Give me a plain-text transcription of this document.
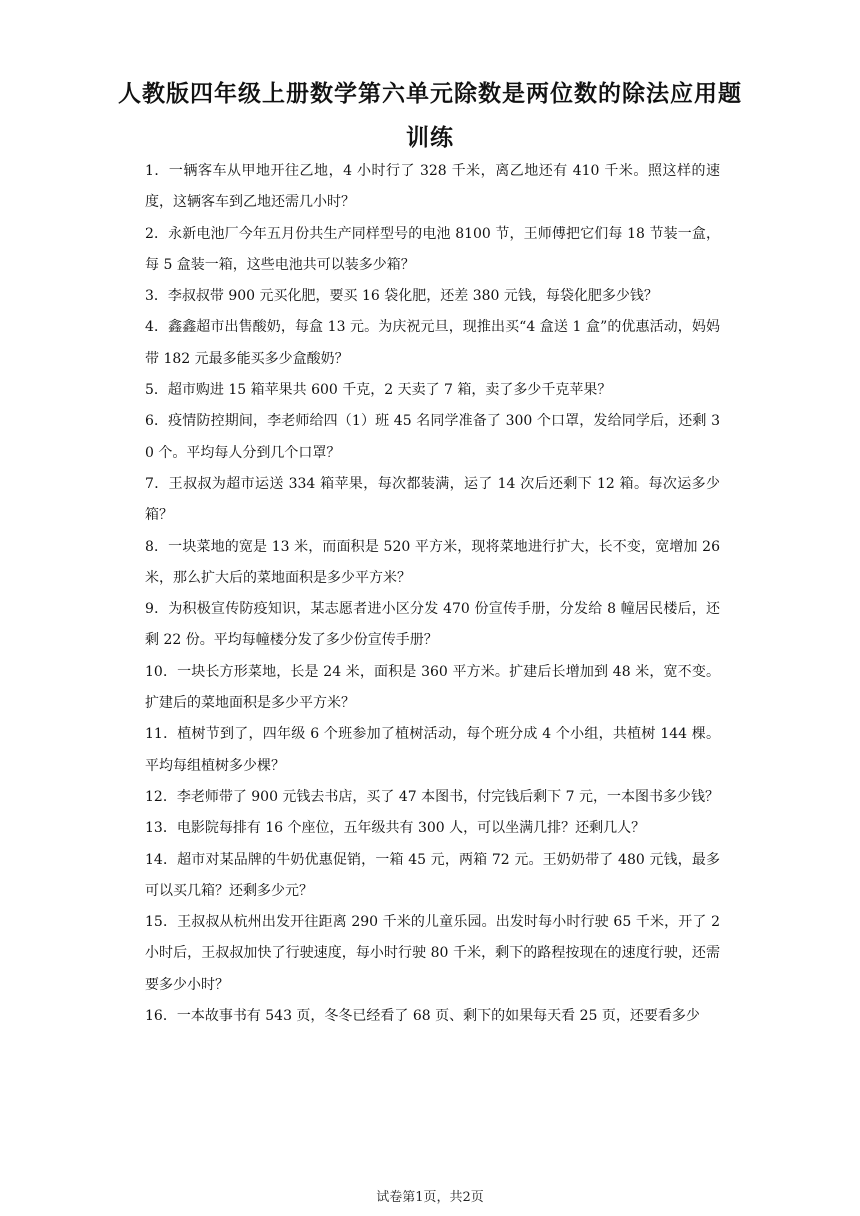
人教版四年级上册数学第六单元除数是两位数的除法应用题
训练
1．一辆客车从甲地开往乙地，4 小时行了 328 千米，离乙地还有 410 千米。照这样的速度，这辆客车到乙地还需几小时？
2．永新电池厂今年五月份共生产同样型号的电池 8100 节，王师傅把它们每 18 节装一盒，每 5 盒装一箱，这些电池共可以装多少箱？
3．李叔叔带 900 元买化肥，要买 16 袋化肥，还差 380 元钱，每袋化肥多少钱？
4．鑫鑫超市出售酸奶，每盒 13 元。为庆祝元旦，现推出买“4 盒送 1 盒”的优惠活动，妈妈带 182 元最多能买多少盒酸奶？
5．超市购进 15 箱苹果共 600 千克，2 天卖了 7 箱，卖了多少千克苹果？
6．疫情防控期间，李老师给四（1）班 45 名同学准备了 300 个口罩，发给同学后，还剩 30 个。平均每人分到几个口罩？
7．王叔叔为超市运送 334 箱苹果，每次都装满，运了 14 次后还剩下 12 箱。每次运多少箱？
8．一块菜地的宽是 13 米，而面积是 520 平方米，现将菜地进行扩大，长不变，宽增加 26 米，那么扩大后的菜地面积是多少平方米？
9．为积极宣传防疫知识，某志愿者进小区分发 470 份宣传手册，分发给 8 幢居民楼后，还剩 22 份。平均每幢楼分发了多少份宣传手册？
10．一块长方形菜地，长是 24 米，面积是 360 平方米。扩建后长增加到 48 米，宽不变。扩建后的菜地面积是多少平方米？
11．植树节到了，四年级 6 个班参加了植树活动，每个班分成 4 个小组，共植树 144 棵。平均每组植树多少棵？
12．李老师带了 900 元钱去书店，买了 47 本图书，付完钱后剩下 7 元，一本图书多少钱？
13．电影院每排有 16 个座位，五年级共有 300 人，可以坐满几排？还剩几人？
14．超市对某品牌的牛奶优惠促销，一箱 45 元，两箱 72 元。王奶奶带了 480 元钱，最多可以买几箱？还剩多少元？
15．王叔叔从杭州出发开往距离 290 千米的儿童乐园。出发时每小时行驶 65 千米，开了 2 小时后，王叔叔加快了行驶速度，每小时行驶 80 千米，剩下的路程按现在的速度行驶，还需要多少小时？
16．一本故事书有 543 页，冬冬已经看了 68 页、剩下的如果每天看 25 页，还要看多少
试卷第1页，共2页
